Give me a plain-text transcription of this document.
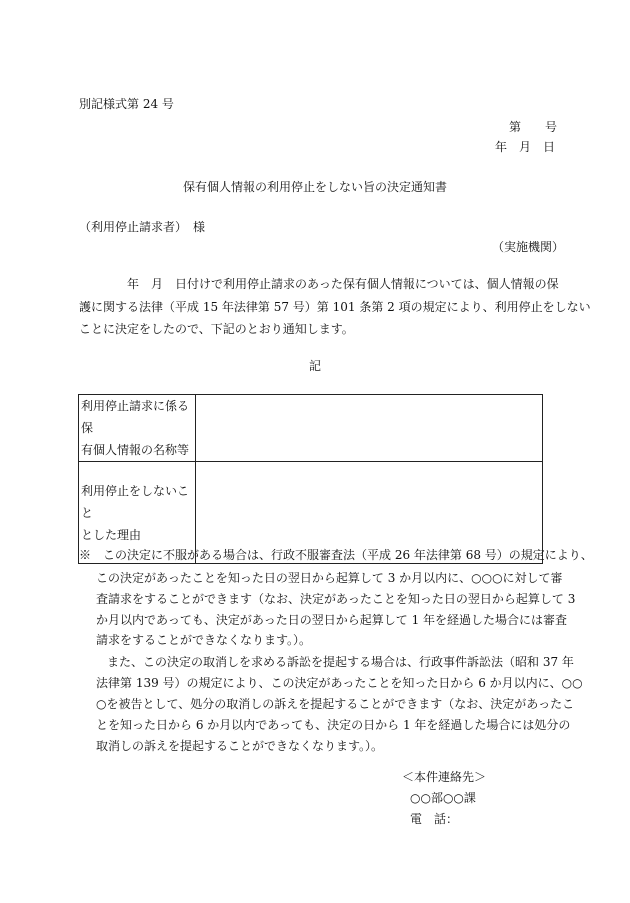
別記様式第 24 号
第　　号
年　月　日
保有個人情報の利用停止をしない旨の決定通知書
（利用停止請求者）　様
（実施機関）
　　　　年　月　日付けで利用停止請求のあった保有個人情報については、個人情報の保
護に関する法律（平成 15 年法律第 57 号）第 101 条第 2 項の規定により、利用停止をしない
ことに決定をしたので、下記のとおり通知します。
記
利用停止請求に係る保
有個人情報の名称等	

利用停止をしないこと
とした理由	

※　この決定に不服がある場合は、行政不服審査法（平成 26 年法律第 68 号）の規定により、
この決定があったことを知った日の翌日から起算して 3 か月以内に、○○○に対して審
査請求をすることができます（なお、決定があったことを知った日の翌日から起算して 3
か月以内であっても、決定があった日の翌日から起算して 1 年を経過した場合には審査
請求をすることができなくなります。）。
また、この決定の取消しを求める訴訟を提起する場合は、行政事件訴訟法（昭和 37 年
法律第 139 号）の規定により、この決定があったことを知った日から 6 か月以内に、○○
○を被告として、処分の取消しの訴えを提起することができます（なお、決定があったこ
とを知った日から 6 か月以内であっても、決定の日から 1 年を経過した場合には処分の
取消しの訴えを提起することができなくなります。）。
＜本件連絡先＞
○○部○○課
電　話：
